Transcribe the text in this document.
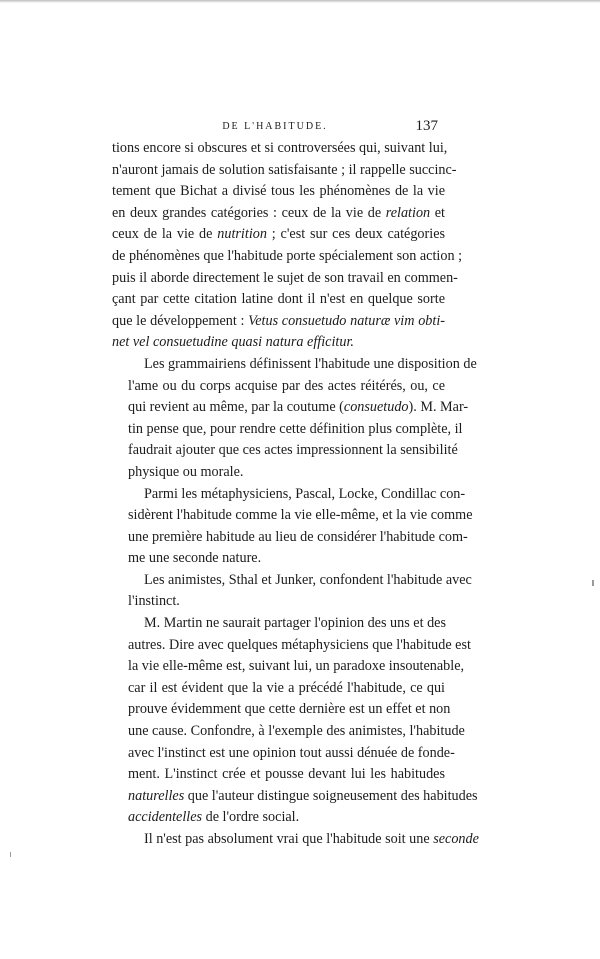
DE L'HABITUDE.	137
tions encore si obscures et si controversées qui, suivant lui,
n'auront jamais de solution satisfaisante ; il rappelle succinc-
tement que Bichat a divisé tous les phénomènes de la vie
en deux grandes catégories : ceux de la vie de relation et
ceux de la vie de nutrition ; c'est sur ces deux catégories
de phénomènes que l'habitude porte spécialement son action ;
puis il aborde directement le sujet de son travail en commen-
çant par cette citation latine dont il n'est en quelque sorte
que le développement : Vetus consuetudo naturæ vim obti-
net vel consuetudine quasi natura efficitur.
Les grammairiens définissent l'habitude une disposition de
l'ame ou du corps acquise par des actes réitérés, ou, ce
qui revient au même, par la coutume (consuetudo). M. Mar-
tin pense que, pour rendre cette définition plus complète, il
faudrait ajouter que ces actes impressionnent la sensibilité
physique ou morale.
Parmi les métaphysiciens, Pascal, Locke, Condillac con-
sidèrent l'habitude comme la vie elle-même, et la vie comme
une première habitude au lieu de considérer l'habitude com-
me une seconde nature.
Les animistes, Sthal et Junker, confondent l'habitude avec
l'instinct.
M. Martin ne saurait partager l'opinion des uns et des
autres. Dire avec quelques métaphysiciens que l'habitude est
la vie elle-même est, suivant lui, un paradoxe insoutenable,
car il est évident que la vie a précédé l'habitude, ce qui
prouve évidemment que cette dernière est un effet et non
une cause. Confondre, à l'exemple des animistes, l'habitude
avec l'instinct est une opinion tout aussi dénuée de fonde-
ment. L'instinct crée et pousse devant lui les habitudes
naturelles que l'auteur distingue soigneusement des habitudes
accidentelles de l'ordre social.
Il n'est pas absolument vrai que l'habitude soit une seconde
